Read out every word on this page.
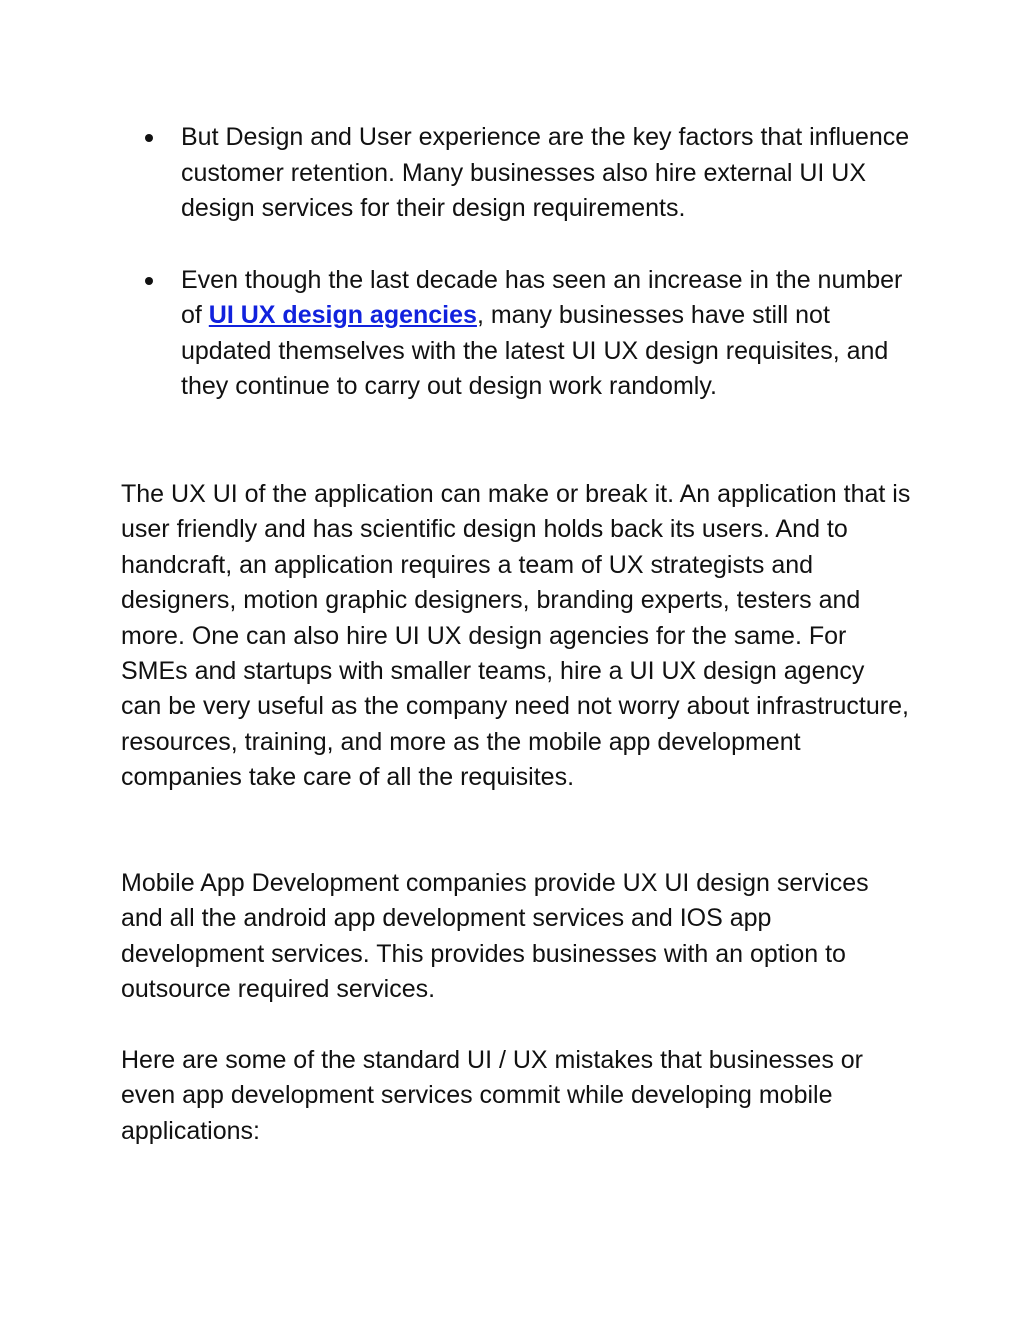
But Design and User experience are the key factors that influence customer retention. Many businesses also hire external UI UX design services for their design requirements.
Even though the last decade has seen an increase in the number of UI UX design agencies, many businesses have still not updated themselves with the latest UI UX design requisites, and they continue to carry out design work randomly.

The UX UI of the application can make or break it. An application that is user friendly and has scientific design holds back its users. And to handcraft, an application requires a team of UX strategists and designers, motion graphic designers, branding experts, testers and more. One can also hire UI UX design agencies for the same. For SMEs and startups with smaller teams, hire a UI UX design agency can be very useful as the company need not worry about infrastructure, resources, training, and more as the mobile app development companies take care of all the requisites.

Mobile App Development companies provide UX UI design services and all the android app development services and IOS app development services. This provides businesses with an option to outsource required services.

Here are some of the standard UI / UX mistakes that businesses or even app development services commit while developing mobile applications:
